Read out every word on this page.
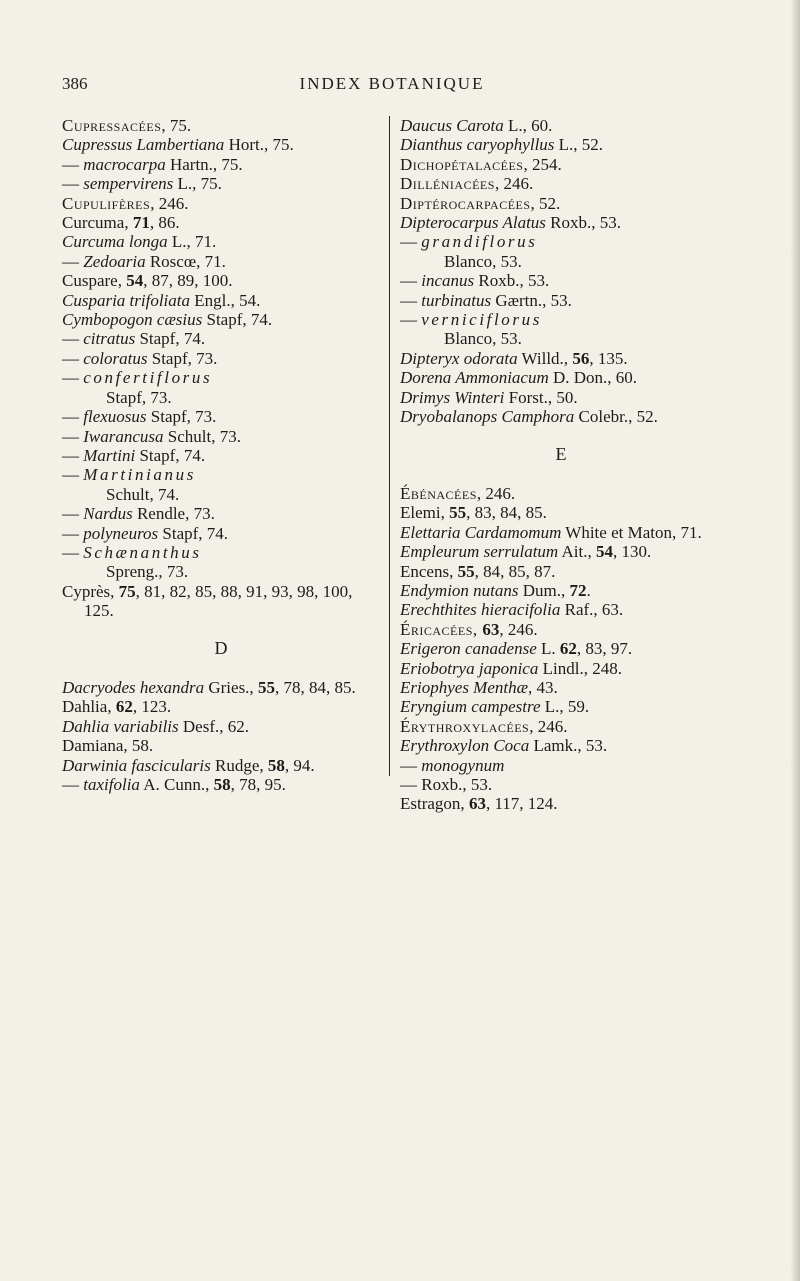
386	INDEX BOTANIQUE
Cupressacées, 75.
Cupressus Lambertiana Hort., 75.
— macrocarpa Hartn., 75.
— sempervirens L., 75.
Cupulifères, 246.
Curcuma, 71, 86.
Curcuma longa L., 71.
— Zedoaria Roscœ, 71.
Cuspare, 54, 87, 89, 100.
Cusparia trifoliata Engl., 54.
Cymbopogon cæsius Stapf, 74.
— citratus Stapf, 74.
— coloratus Stapf, 73.
— confertiflorus
Stapf, 73.
— flexuosus Stapf, 73.
— Iwarancusa Schult, 73.
— Martini Stapf, 74.
— Martinianus
Schult, 74.
— Nardus Rendle, 73.
— polyneuros Stapf, 74.
— Schænanthus
Spreng., 73.
Cyprès, 75, 81, 82, 85, 88, 91, 93, 98, 100, 125.
D
Dacryodes hexandra Gries., 55, 78, 84, 85.
Dahlia, 62, 123.
Dahlia variabilis Desf., 62.
Damiana, 58.
Darwinia fascicularis Rudge, 58, 94.
— taxifolia A. Cunn., 58, 78, 95.
Daucus Carota L., 60.
Dianthus caryophyllus L., 52.
Dichopétalacées, 254.
Dilléniacées, 246.
Diptérocarpacées, 52.
Dipterocarpus Alatus Roxb., 53.
— grandiflorus
Blanco, 53.
— incanus Roxb., 53.
— turbinatus Gærtn., 53.
— verniciflorus
Blanco, 53.
Dipteryx odorata Willd., 56, 135.
Dorena Ammoniacum D. Don., 60.
Drimys Winteri Forst., 50.
Dryobalanops Camphora Colebr., 52.
E
Ébénacées, 246.
Elemi, 55, 83, 84, 85.
Elettaria Cardamomum White et Maton, 71.
Empleurum serrulatum Ait., 54, 130.
Encens, 55, 84, 85, 87.
Endymion nutans Dum., 72.
Erechthites hieracifolia Raf., 63.
Éricacées, 63, 246.
Erigeron canadense L. 62, 83, 97.
Eriobotrya japonica Lindl., 248.
Eriophyes Menthæ, 43.
Eryngium campestre L., 59.
Érythroxylacées, 246.
Erythroxylon Coca Lamk., 53.
— monogynum
— Roxb., 53.
Estragon, 63, 117, 124.
